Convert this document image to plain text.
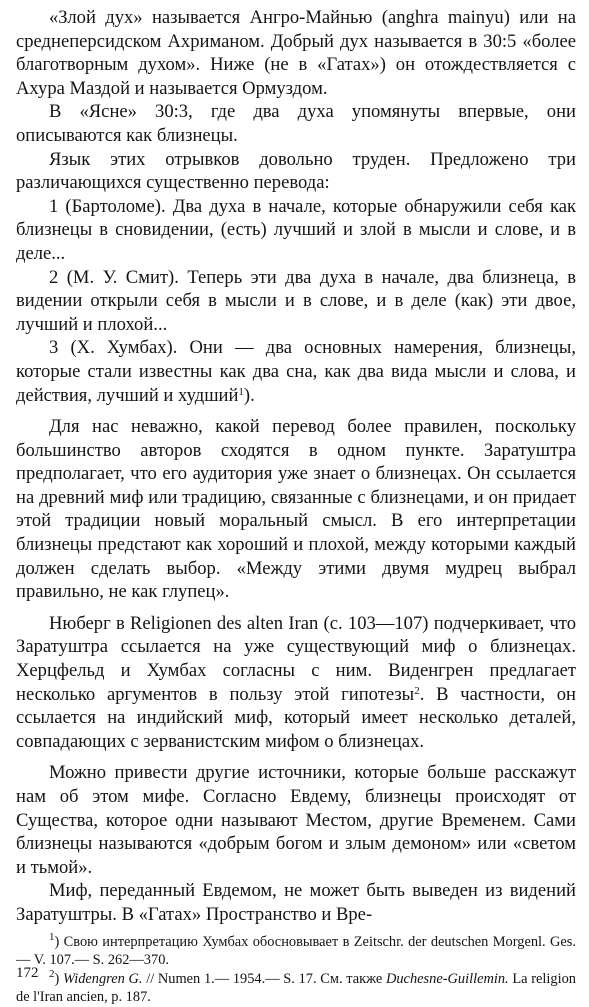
«Злой дух» называется Ангро-Майнью (anghra mainyu) или на среднеперсидском Ахриманом. Добрый дух называется в 30:5 «более благотворным духом». Ниже (не в «Гатах») он отождествляется с Ахура Маздой и называется Ормуздом.

В «Ясне» 30:3, где два духа упомянуты впервые, они описываются как близнецы.

Язык этих отрывков довольно труден. Предложено три различающихся существенно перевода:

1 (Бартоломе). Два духа в начале, которые обнаружили себя как близнецы в сновидении, (есть) лучший и злой в мысли и слове, и в деле...

2 (М. У. Смит). Теперь эти два духа в начале, два близнеца, в видении открыли себя в мысли и в слове, и в деле (как) эти двое, лучший и плохой...

3 (Х. Хумбах). Они — два основных намерения, близнецы, которые стали известны как два сна, как два вида мысли и слова, и действия, лучший и худший$^1$).

Для нас неважно, какой перевод более правилен, поскольку большинство авторов сходятся в одном пункте. Заратуштра предполагает, что его аудитория уже знает о близнецах. Он ссылается на древний миф или традицию, связанные с близнецами, и он придает этой традиции новый моральный смысл. В его интерпретации близнецы предстают как хороший и плохой, между которыми каждый должен сделать выбор. «Между этими двумя мудрец выбрал правильно, не как глупец».

Нюберг в Religionen des alten Iran (с. 103—107) подчеркивает, что Заратуштра ссылается на уже существующий миф о близнецах. Херцфельд и Хумбах согласны с ним. Виденгрен предлагает несколько аргументов в пользу этой гипотезы$^2$. В частности, он ссылается на индийский миф, который имеет несколько деталей, совпадающих с зерванистским мифом о близнецах.

Можно привести другие источники, которые больше расскажут нам об этом мифе. Согласно Евдему, близнецы происходят от Существа, которое одни называют Местом, другие Временем. Сами близнецы называются «добрым богом и злым демоном» или «светом и тьмой».

Миф, переданный Евдемом, не может быть выведен из видений Заратуштры. В «Гатах» Пространство и Вре-

$^1$) Свою интерпретацию Хумбах обосновывает в Zeitschr. der deutschen Morgenl. Ges.— V. 107.— S. 262—370.

$^2$) Widengren G. // Numen 1.— 1954.— S. 17. См. также Duchesne-Guillemin. La religion de l'Iran ancien, p. 187.

172
